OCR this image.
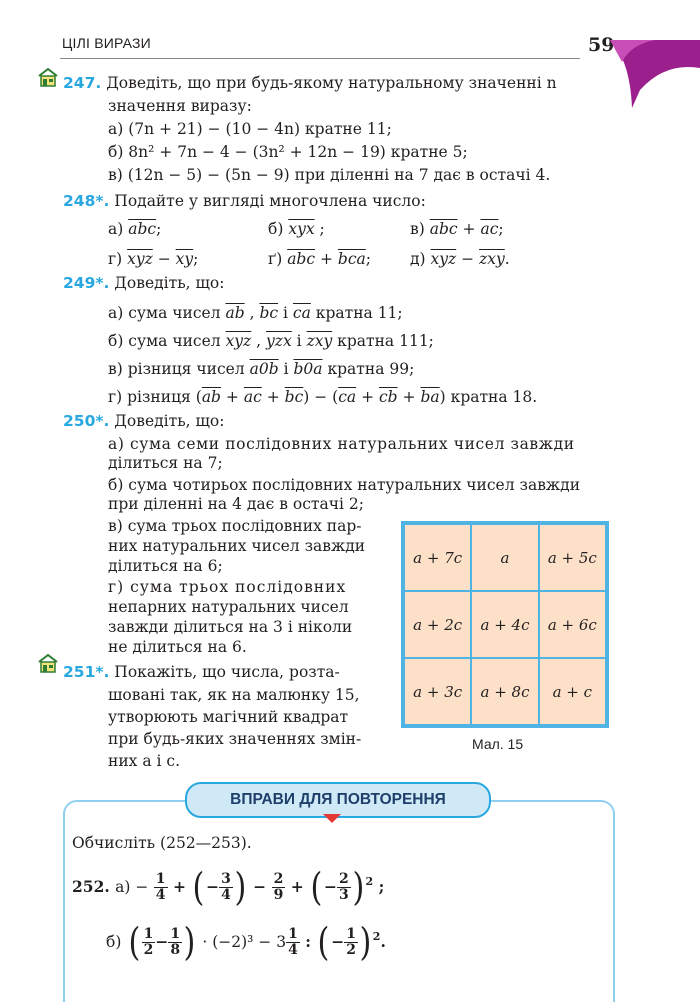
ЦІЛІ ВИРАЗИ	59
247. Доведіть, що при будь-якому натуральному значенні n
значення виразу:
а) (7n + 21) − (10 − 4n) кратне 11;
б) 8n² + 7n − 4 − (3n² + 12n − 19) кратне 5;
в) (12n − 5) − (5n − 9) при діленні на 7 дає в остачі 4.
248*. Подайте у вигляді многочлена число:
а) $\overline{abc}$;	б) $\overline{xyx}$ ;	в) $\overline{abc} + \overline{ac}$;
г) $\overline{xyz} - \overline{xy}$;	ґ) $\overline{abc} + \overline{bca}$;	д) $\overline{xyz} - \overline{zxy}$.
249*. Доведіть, що:
а) сума чисел $\overline{ab}$ , $\overline{bc}$ і $\overline{ca}$ кратна 11;
б) сума чисел $\overline{xyz}$ , $\overline{yzx}$ і $\overline{zxy}$ кратна 111;
в) різниця чисел a0b і b0a кратна 99;
г) різниця $(\overline{ab} + \overline{ac} + \overline{bc}) - (\overline{ca} + \overline{cb} + \overline{ba})$ кратна 18.
250*. Доведіть, що:
а) сума семи послідовних натуральних чисел завжди
ділиться на 7;
б) сума чотирьох послідовних натуральних чисел завжди
при діленні на 4 дає в остачі 2;
в) сума трьох послідовних пар-
них натуральних чисел завжди
ділиться на 6;
г) сума трьох послідовних
непарних натуральних чисел
завжди ділиться на 3 і ніколи
не ділиться на 6.
251*. Покажіть, що числа, розта-
шовані так, як на малюнку 15,
утворюють магічний квадрат
при будь-яких значеннях змін-
них a і c.
a + 7c	a	a + 5c
a + 2c	a + 4c	a + 6c
a + 3c	a + 8c	a + c
Мал. 15
ВПРАВИ ДЛЯ ПОВТОРЕННЯ
Обчисліть (252—253).
252. $а) - \frac{1}{4}$ + (− $\frac{3}{4}$ ) − $\frac{2}{9}$ + (− $\frac{2}{3} )^2$ ;
б) ( $\frac{1}{2} - \frac{1}{8}$ ) · $(-2)^3 - 3 \frac{1}{4}$ : (− $\frac{1}{2} )^2$.
